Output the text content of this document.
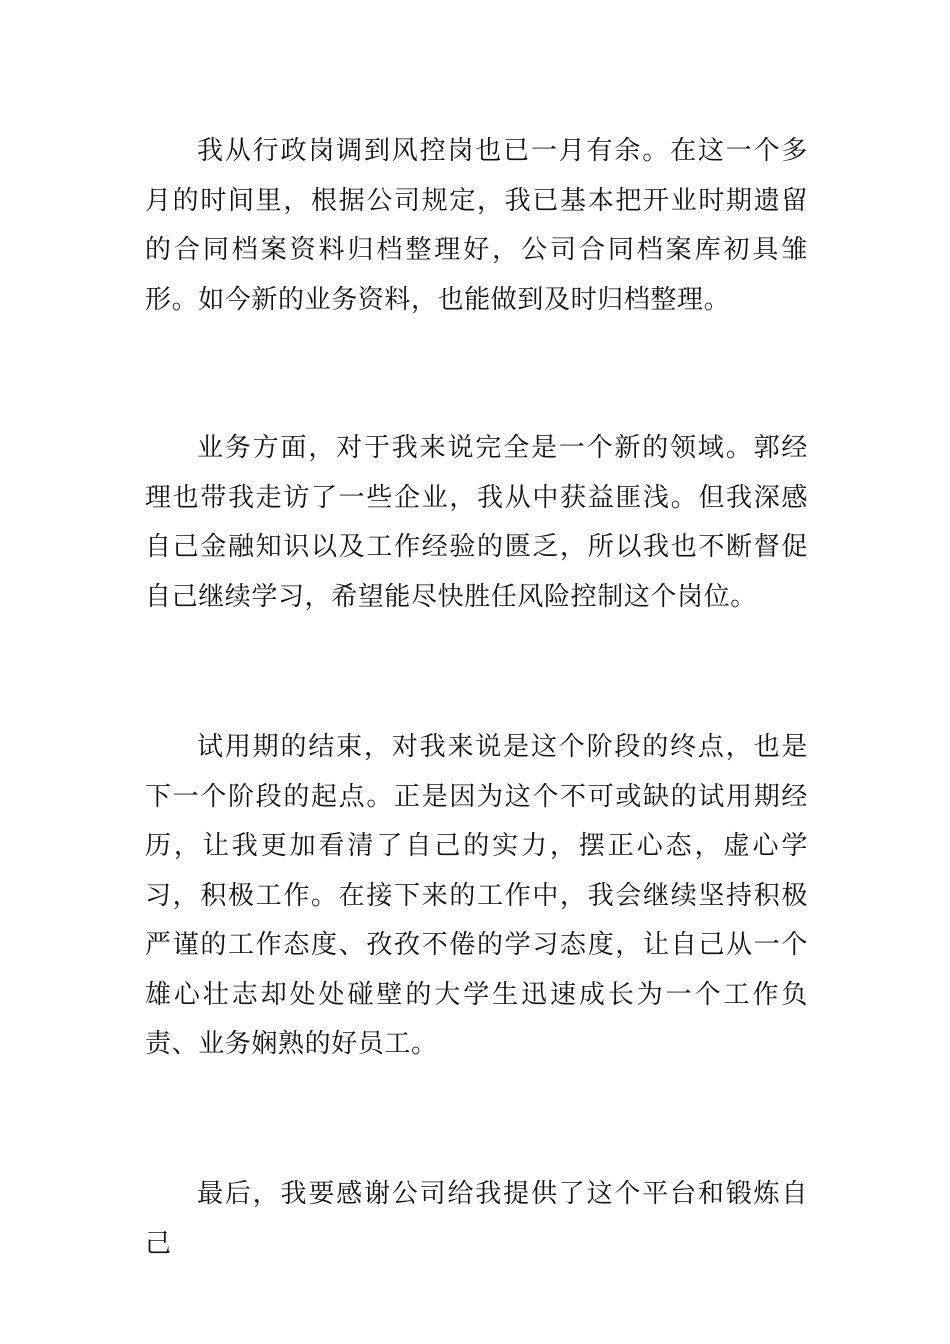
我从行政岗调到风控岗也已一月有余。在这一个多月的时间里，根据公司规定，我已基本把开业时期遗留的合同档案资料归档整理好，公司合同档案库初具雏形。如今新的业务资料，也能做到及时归档整理。

业务方面，对于我来说完全是一个新的领域。郭经理也带我走访了一些企业，我从中获益匪浅。但我深感自己金融知识以及工作经验的匮乏，所以我也不断督促自己继续学习，希望能尽快胜任风险控制这个岗位。

试用期的结束，对我来说是这个阶段的终点，也是下一个阶段的起点。正是因为这个不可或缺的试用期经历，让我更加看清了自己的实力，摆正心态，虚心学习，积极工作。在接下来的工作中，我会继续坚持积极严谨的工作态度、孜孜不倦的学习态度，让自己从一个雄心壮志却处处碰壁的大学生迅速成长为一个工作负责、业务娴熟的好员工。

最后，我要感谢公司给我提供了这个平台和锻炼自己
